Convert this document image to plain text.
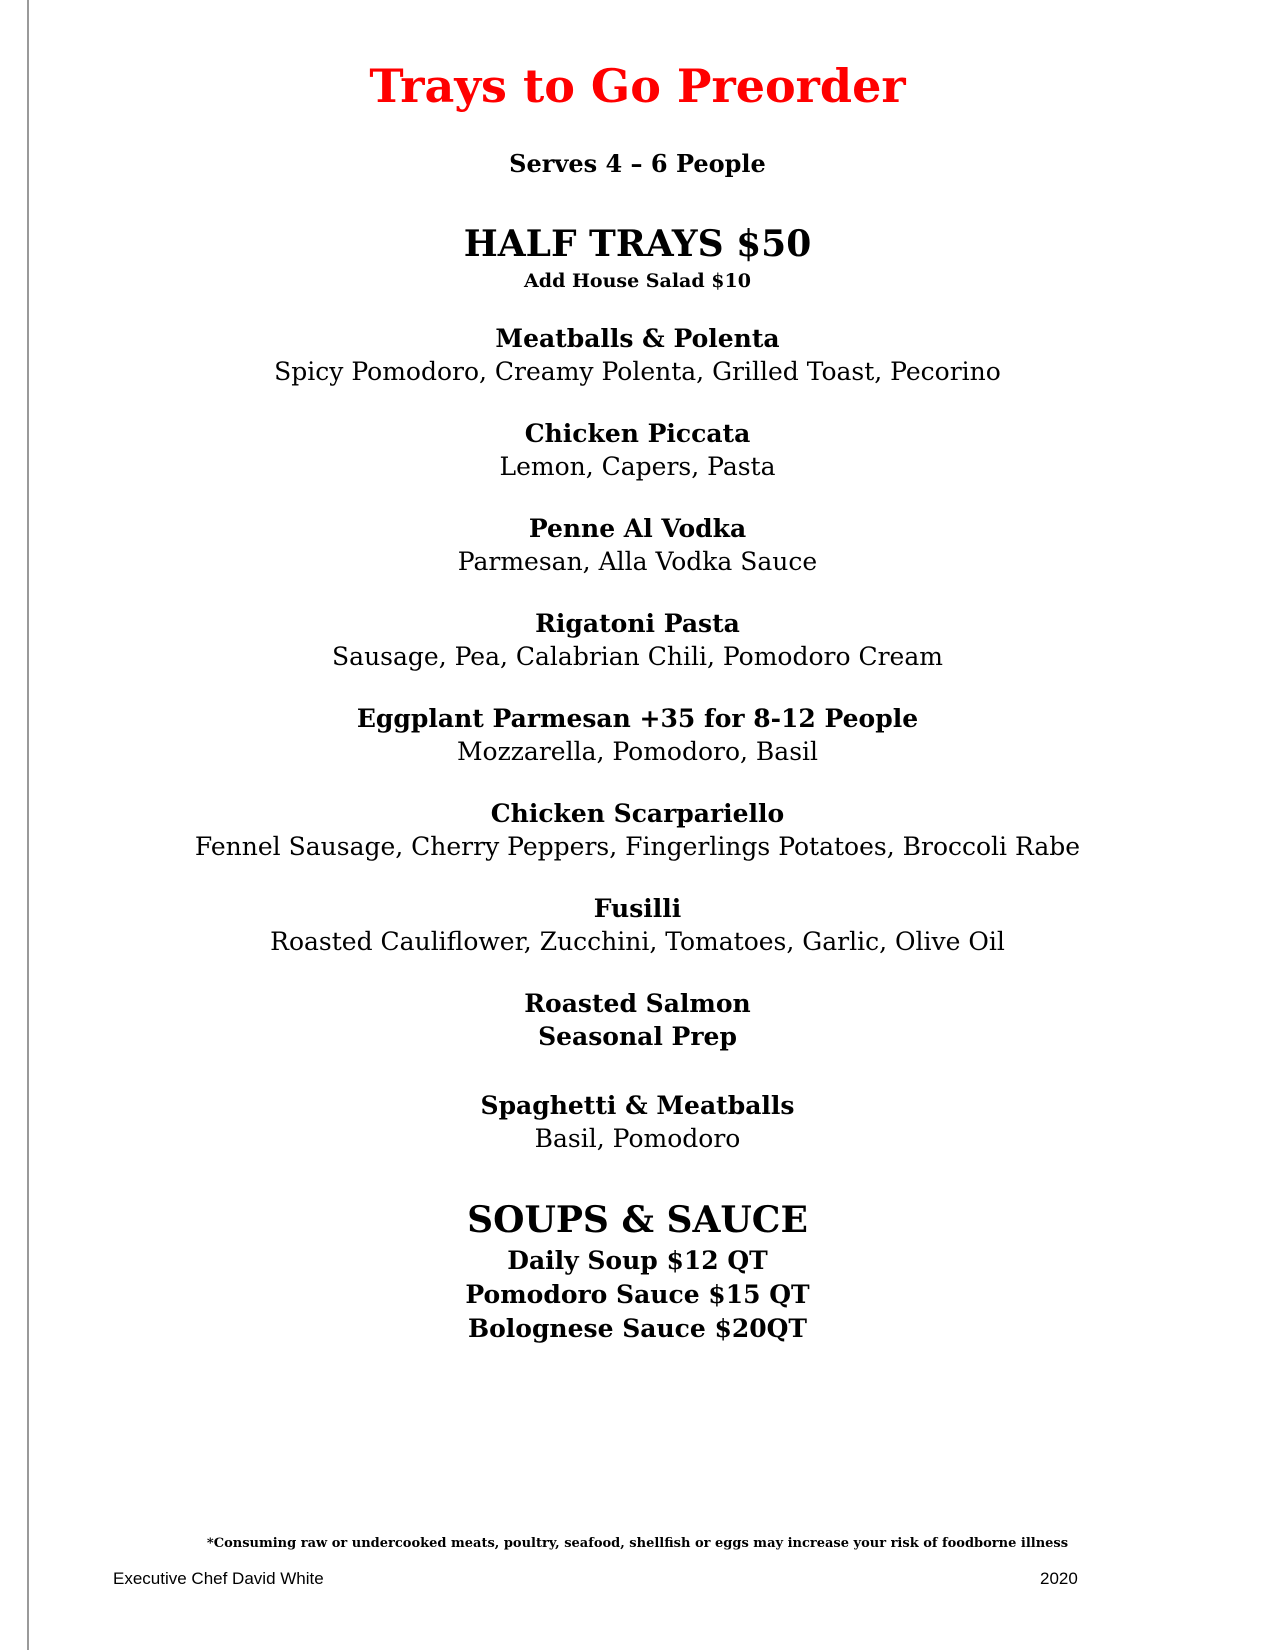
Trays to Go Preorder
Serves 4 – 6 People
HALF TRAYS $50
Add House Salad $10
Meatballs & Polenta
Spicy Pomodoro, Creamy Polenta, Grilled Toast, Pecorino
Chicken Piccata
Lemon, Capers, Pasta
Penne Al Vodka
Parmesan, Alla Vodka Sauce
Rigatoni Pasta
Sausage, Pea, Calabrian Chili, Pomodoro Cream
Eggplant Parmesan +35 for 8-12 People
Mozzarella, Pomodoro, Basil
Chicken Scarpariello
Fennel Sausage, Cherry Peppers, Fingerlings Potatoes, Broccoli Rabe
Fusilli
Roasted Cauliflower, Zucchini, Tomatoes, Garlic, Olive Oil
Roasted Salmon
Seasonal Prep
Spaghetti & Meatballs
Basil, Pomodoro
SOUPS & SAUCE
Daily Soup $12 QT
Pomodoro Sauce $15 QT
Bolognese Sauce $20QT
*Consuming raw or undercooked meats, poultry, seafood, shellfish or eggs may increase your risk of foodborne illness
Executive Chef David White	2020
